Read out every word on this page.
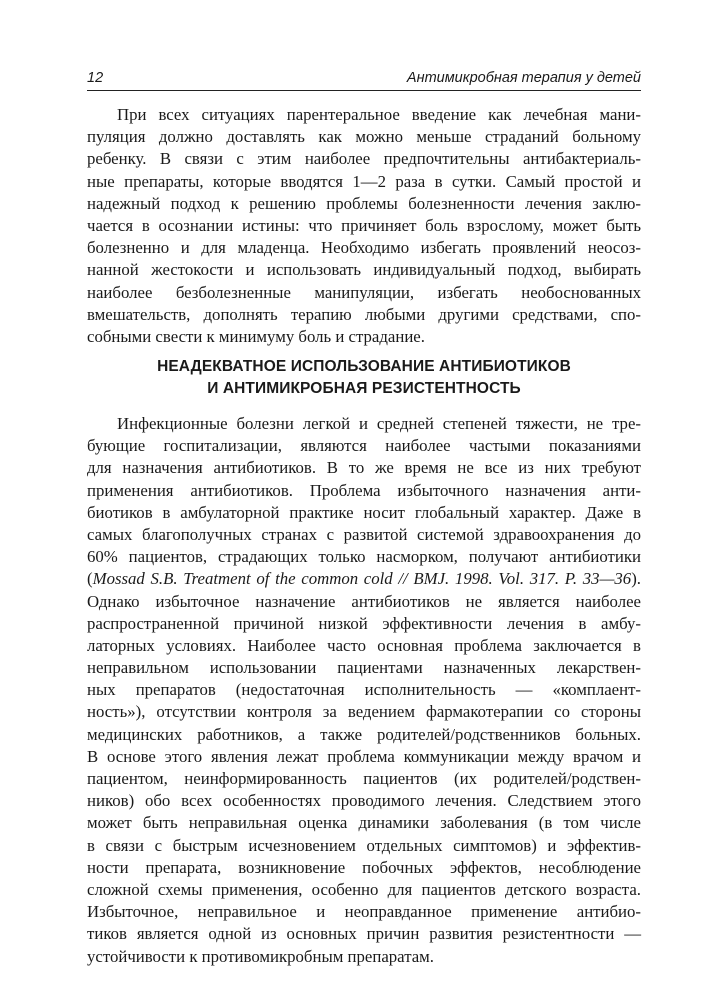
12	Антимикробная терапия у детей
При всех ситуациях парентеральное введение как лечебная мани-
пуляция должно доставлять как можно меньше страданий больному
ребенку. В связи с этим наиболее предпочтительны антибактериаль-
ные препараты, которые вводятся 1—2 раза в сутки. Самый простой и
надежный подход к решению проблемы болезненности лечения заклю-
чается в осознании истины: что причиняет боль взрослому, может быть
болезненно и для младенца. Необходимо избегать проявлений неосоз-
нанной жестокости и использовать индивидуальный подход, выбирать
наиболее безболезненные манипуляции, избегать необоснованных
вмешательств, дополнять терапию любыми другими средствами, спо-
собными свести к минимуму боль и страдание.
НЕАДЕКВАТНОЕ ИСПОЛЬЗОВАНИЕ АНТИБИОТИКОВ
И АНТИМИКРОБНАЯ РЕЗИСТЕНТНОСТЬ
Инфекционные болезни легкой и средней степеней тяжести, не тре-
бующие госпитализации, являются наиболее частыми показаниями
для назначения антибиотиков. В то же время не все из них требуют
применения антибиотиков. Проблема избыточного назначения анти-
биотиков в амбулаторной практике носит глобальный характер. Даже в
самых благополучных странах с развитой системой здравоохранения до
60% пациентов, страдающих только насморком, получают антибиотики
(Mossad S.B. Treatment of the common cold // BMJ. 1998. Vol. 317. P. 33—36).
Однако избыточное назначение антибиотиков не является наиболее
распространенной причиной низкой эффективности лечения в амбу-
латорных условиях. Наиболее часто основная проблема заключается в
неправильном использовании пациентами назначенных лекарствен-
ных препаратов (недостаточная исполнительность — «комплаент-
ность»), отсутствии контроля за ведением фармакотерапии со стороны
медицинских работников, а также родителей/родственников больных.
В основе этого явления лежат проблема коммуникации между врачом и
пациентом, неинформированность пациентов (их родителей/родствен-
ников) обо всех особенностях проводимого лечения. Следствием этого
может быть неправильная оценка динамики заболевания (в том числе
в связи с быстрым исчезновением отдельных симптомов) и эффектив-
ности препарата, возникновение побочных эффектов, несоблюдение
сложной схемы применения, особенно для пациентов детского возраста.
Избыточное, неправильное и неоправданное применение антибио-
тиков является одной из основных причин развития резистентности —
устойчивости к противомикробным препаратам.
